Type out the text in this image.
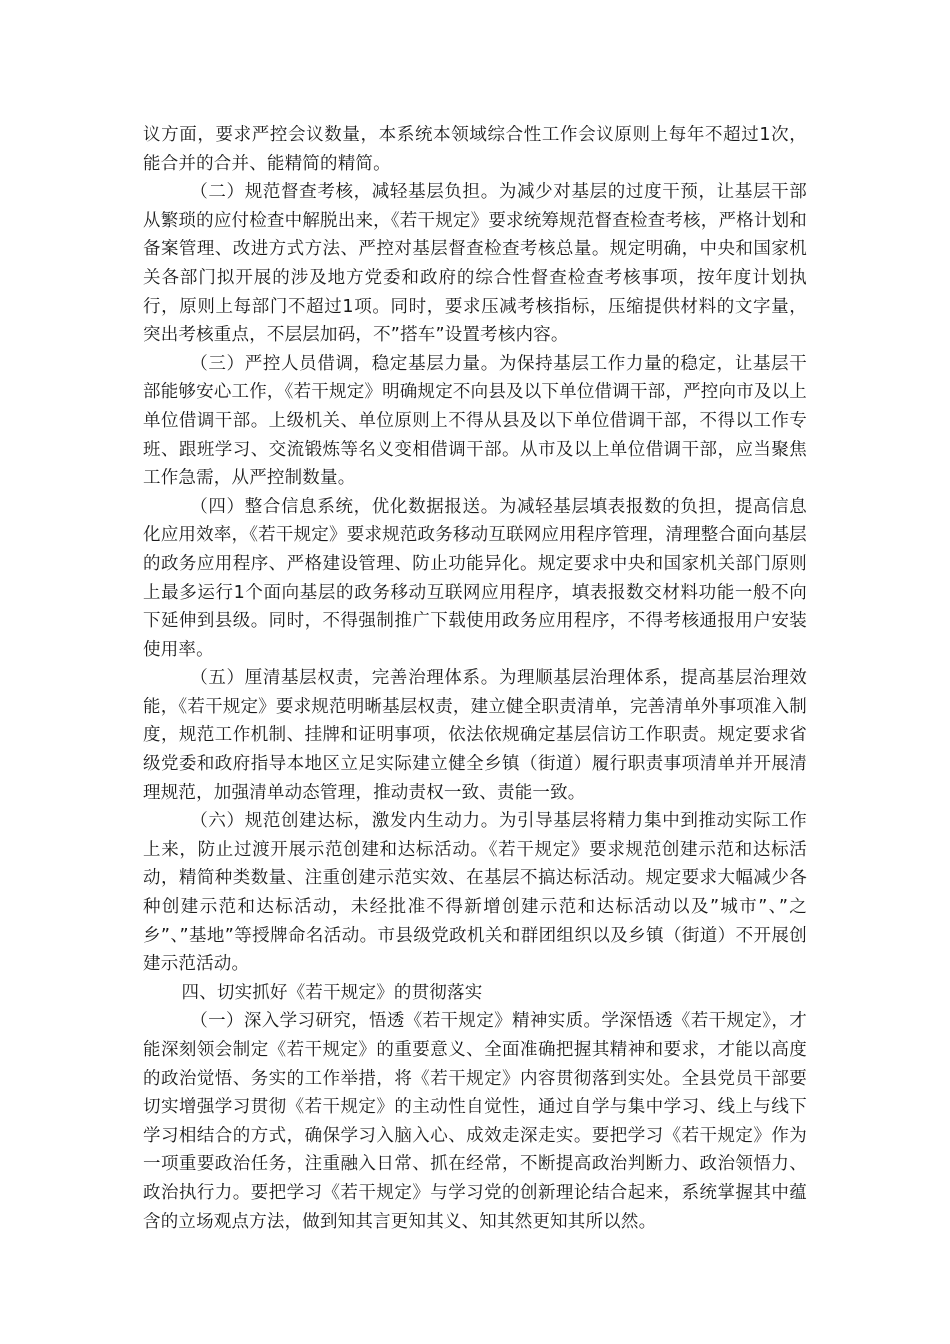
议方面，要求严控会议数量，本系统本领域综合性工作会议原则上每年不超过1次，能合并的合并、能精简的精简。

（二）规范督查考核，减轻基层负担。为减少对基层的过度干预，让基层干部从繁琐的应付检查中解脱出来，《若干规定》要求统筹规范督查检查考核，严格计划和备案管理、改进方式方法、严控对基层督查检查考核总量。规定明确，中央和国家机关各部门拟开展的涉及地方党委和政府的综合性督查检查考核事项，按年度计划执行，原则上每部门不超过1项。同时，要求压减考核指标，压缩提供材料的文字量，突出考核重点，不层层加码，不”搭车”设置考核内容。

（三）严控人员借调，稳定基层力量。为保持基层工作力量的稳定，让基层干部能够安心工作，《若干规定》明确规定不向县及以下单位借调干部，严控向市及以上单位借调干部。上级机关、单位原则上不得从县及以下单位借调干部，不得以工作专班、跟班学习、交流锻炼等名义变相借调干部。从市及以上单位借调干部，应当聚焦工作急需，从严控制数量。

（四）整合信息系统，优化数据报送。为减轻基层填表报数的负担，提高信息化应用效率，《若干规定》要求规范政务移动互联网应用程序管理，清理整合面向基层的政务应用程序、严格建设管理、防止功能异化。规定要求中央和国家机关部门原则上最多运行1个面向基层的政务移动互联网应用程序，填表报数交材料功能一般不向下延伸到县级。同时，不得强制推广下载使用政务应用程序，不得考核通报用户安装使用率。

（五）厘清基层权责，完善治理体系。为理顺基层治理体系，提高基层治理效能，《若干规定》要求规范明晰基层权责，建立健全职责清单，完善清单外事项准入制度，规范工作机制、挂牌和证明事项，依法依规确定基层信访工作职责。规定要求省级党委和政府指导本地区立足实际建立健全乡镇（街道）履行职责事项清单并开展清理规范，加强清单动态管理，推动责权一致、责能一致。

（六）规范创建达标，激发内生动力。为引导基层将精力集中到推动实际工作上来，防止过渡开展示范创建和达标活动。《若干规定》要求规范创建示范和达标活动，精简种类数量、注重创建示范实效、在基层不搞达标活动。规定要求大幅减少各种创建示范和达标活动，未经批准不得新增创建示范和达标活动以及”城市”、”之乡”、”基地”等授牌命名活动。市县级党政机关和群团组织以及乡镇（街道）不开展创建示范活动。

四、切实抓好《若干规定》的贯彻落实

（一）深入学习研究，悟透《若干规定》精神实质。学深悟透《若干规定》，才能深刻领会制定《若干规定》的重要意义、全面准确把握其精神和要求，才能以高度的政治觉悟、务实的工作举措，将《若干规定》内容贯彻落到实处。全县党员干部要切实增强学习贯彻《若干规定》的主动性自觉性，通过自学与集中学习、线上与线下学习相结合的方式，确保学习入脑入心、成效走深走实。要把学习《若干规定》作为一项重要政治任务，注重融入日常、抓在经常，不断提高政治判断力、政治领悟力、政治执行力。要把学习《若干规定》与学习党的创新理论结合起来，系统掌握其中蕴含的立场观点方法，做到知其言更知其义、知其然更知其所以然。
